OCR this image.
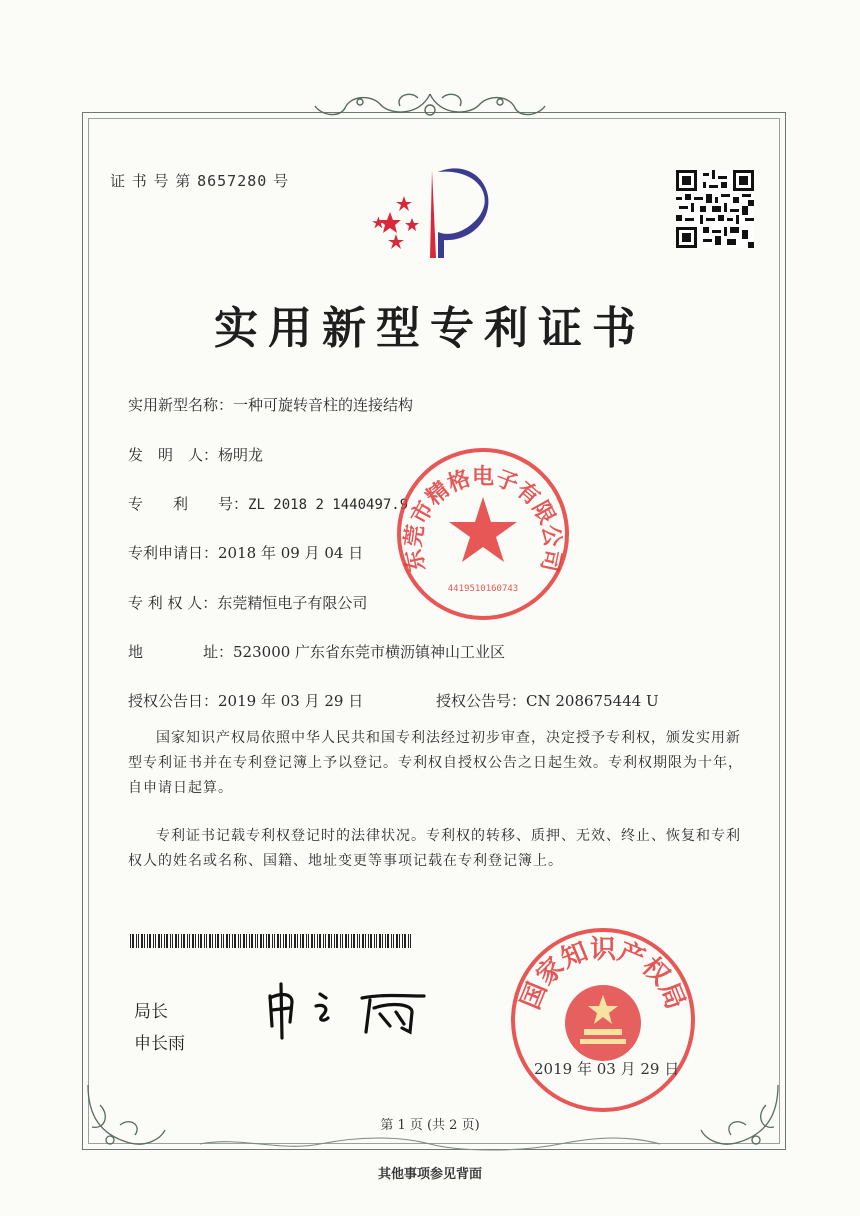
证 书 号 第 8657280 号
实用新型专利证书
实用新型名称：一种可旋转音柱的连接结构
发　明　人：杨明龙
专　　利　　号：ZL 2018 2 1440497.9
专利申请日：2018 年 09 月 04 日
专 利 权 人：东莞精恒电子有限公司
地　　　　址：523000 广东省东莞市横沥镇神山工业区
授权公告日：2019 年 03 月 29 日	授权公告号：CN 208675444 U
国家知识产权局依照中华人民共和国专利法经过初步审查，决定授予专利权，颁发实用新型专利证书并在专利登记簿上予以登记。专利权自授权公告之日起生效。专利权期限为十年，自申请日起算。
专利证书记载专利权登记时的法律状况。专利权的转移、质押、无效、终止、恢复和专利权人的姓名或名称、国籍、地址变更等事项记载在专利登记簿上。
局长
申长雨
东莞市精格电子有限公司
4419510160743
国家知识产权局
2019 年 03 月 29 日
第 1 页 (共 2 页)
其他事项参见背面
